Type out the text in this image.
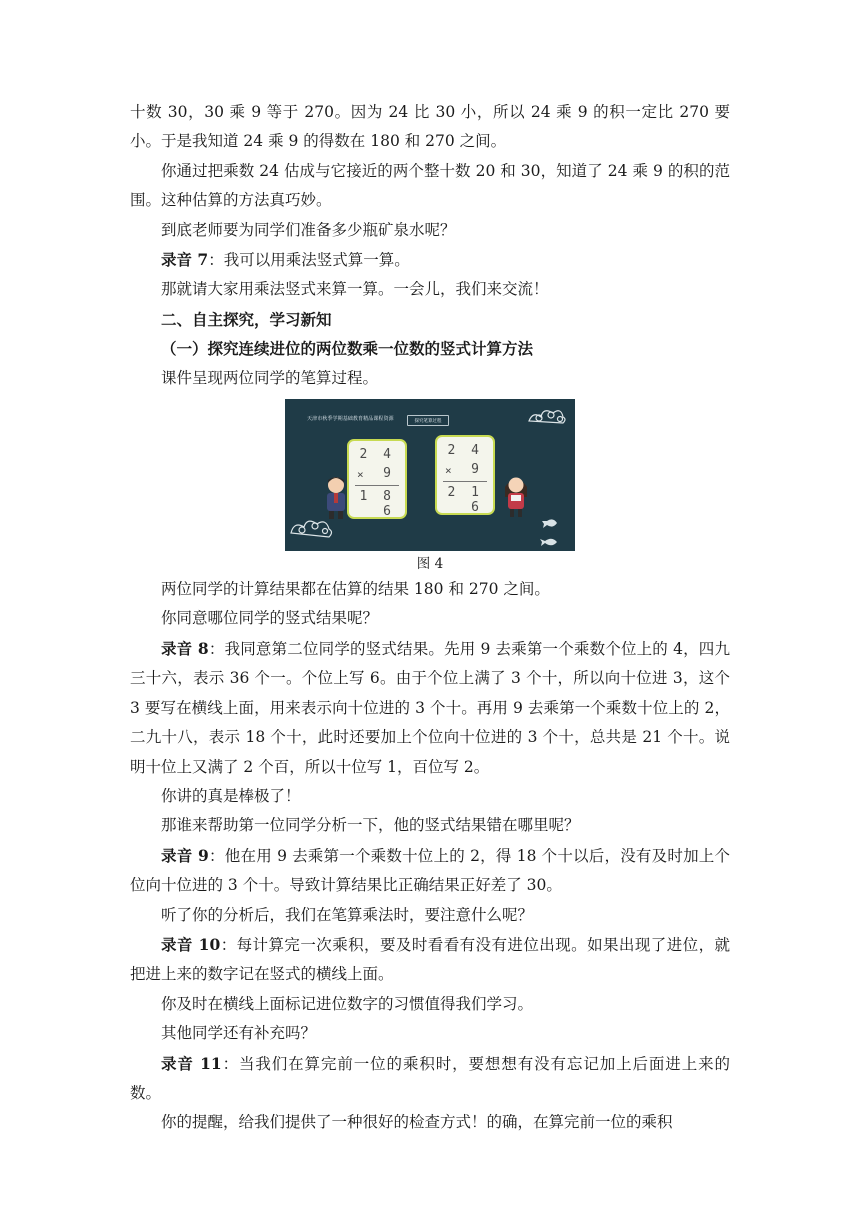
十数 30，30 乘 9 等于 270。因为 24 比 30 小，所以 24 乘 9 的积一定比 270 要小。于是我知道 24 乘 9 的得数在 180 和 270 之间。

你通过把乘数 24 估成与它接近的两个整十数 20 和 30，知道了 24 乘 9 的积的范围。这种估算的方法真巧妙。

到底老师要为同学们准备多少瓶矿泉水呢？

录音 7：我可以用乘法竖式算一算。

那就请大家用乘法竖式来算一算。一会儿，我们来交流！

二、自主探究，学习新知

（一）探究连续进位的两位数乘一位数的竖式计算方法

课件呈现两位同学的笔算过程。

天津市秋季学期基础教育精品课程资源	探究笔算过程
2 4
×	9
1 8 6
2 4
×	9
2 1 6

图 4

两位同学的计算结果都在估算的结果 180 和 270 之间。

你同意哪位同学的竖式结果呢？

录音 8：我同意第二位同学的竖式结果。先用 9 去乘第一个乘数个位上的 4，四九三十六，表示 36 个一。个位上写 6。由于个位上满了 3 个十，所以向十位进 3，这个 3 要写在横线上面，用来表示向十位进的 3 个十。再用 9 去乘第一个乘数十位上的 2，二九十八，表示 18 个十，此时还要加上个位向十位进的 3 个十，总共是 21 个十。说明十位上又满了 2 个百，所以十位写 1，百位写 2。

你讲的真是棒极了！

那谁来帮助第一位同学分析一下，他的竖式结果错在哪里呢？

录音 9：他在用 9 去乘第一个乘数十位上的 2，得 18 个十以后，没有及时加上个位向十位进的 3 个十。导致计算结果比正确结果正好差了 30。

听了你的分析后，我们在笔算乘法时，要注意什么呢？

录音 10：每计算完一次乘积，要及时看看有没有进位出现。如果出现了进位，就把进上来的数字记在竖式的横线上面。

你及时在横线上面标记进位数字的习惯值得我们学习。

其他同学还有补充吗？

录音 11：当我们在算完前一位的乘积时，要想想有没有忘记加上后面进上来的数。

你的提醒，给我们提供了一种很好的检查方式！的确，在算完前一位的乘积
